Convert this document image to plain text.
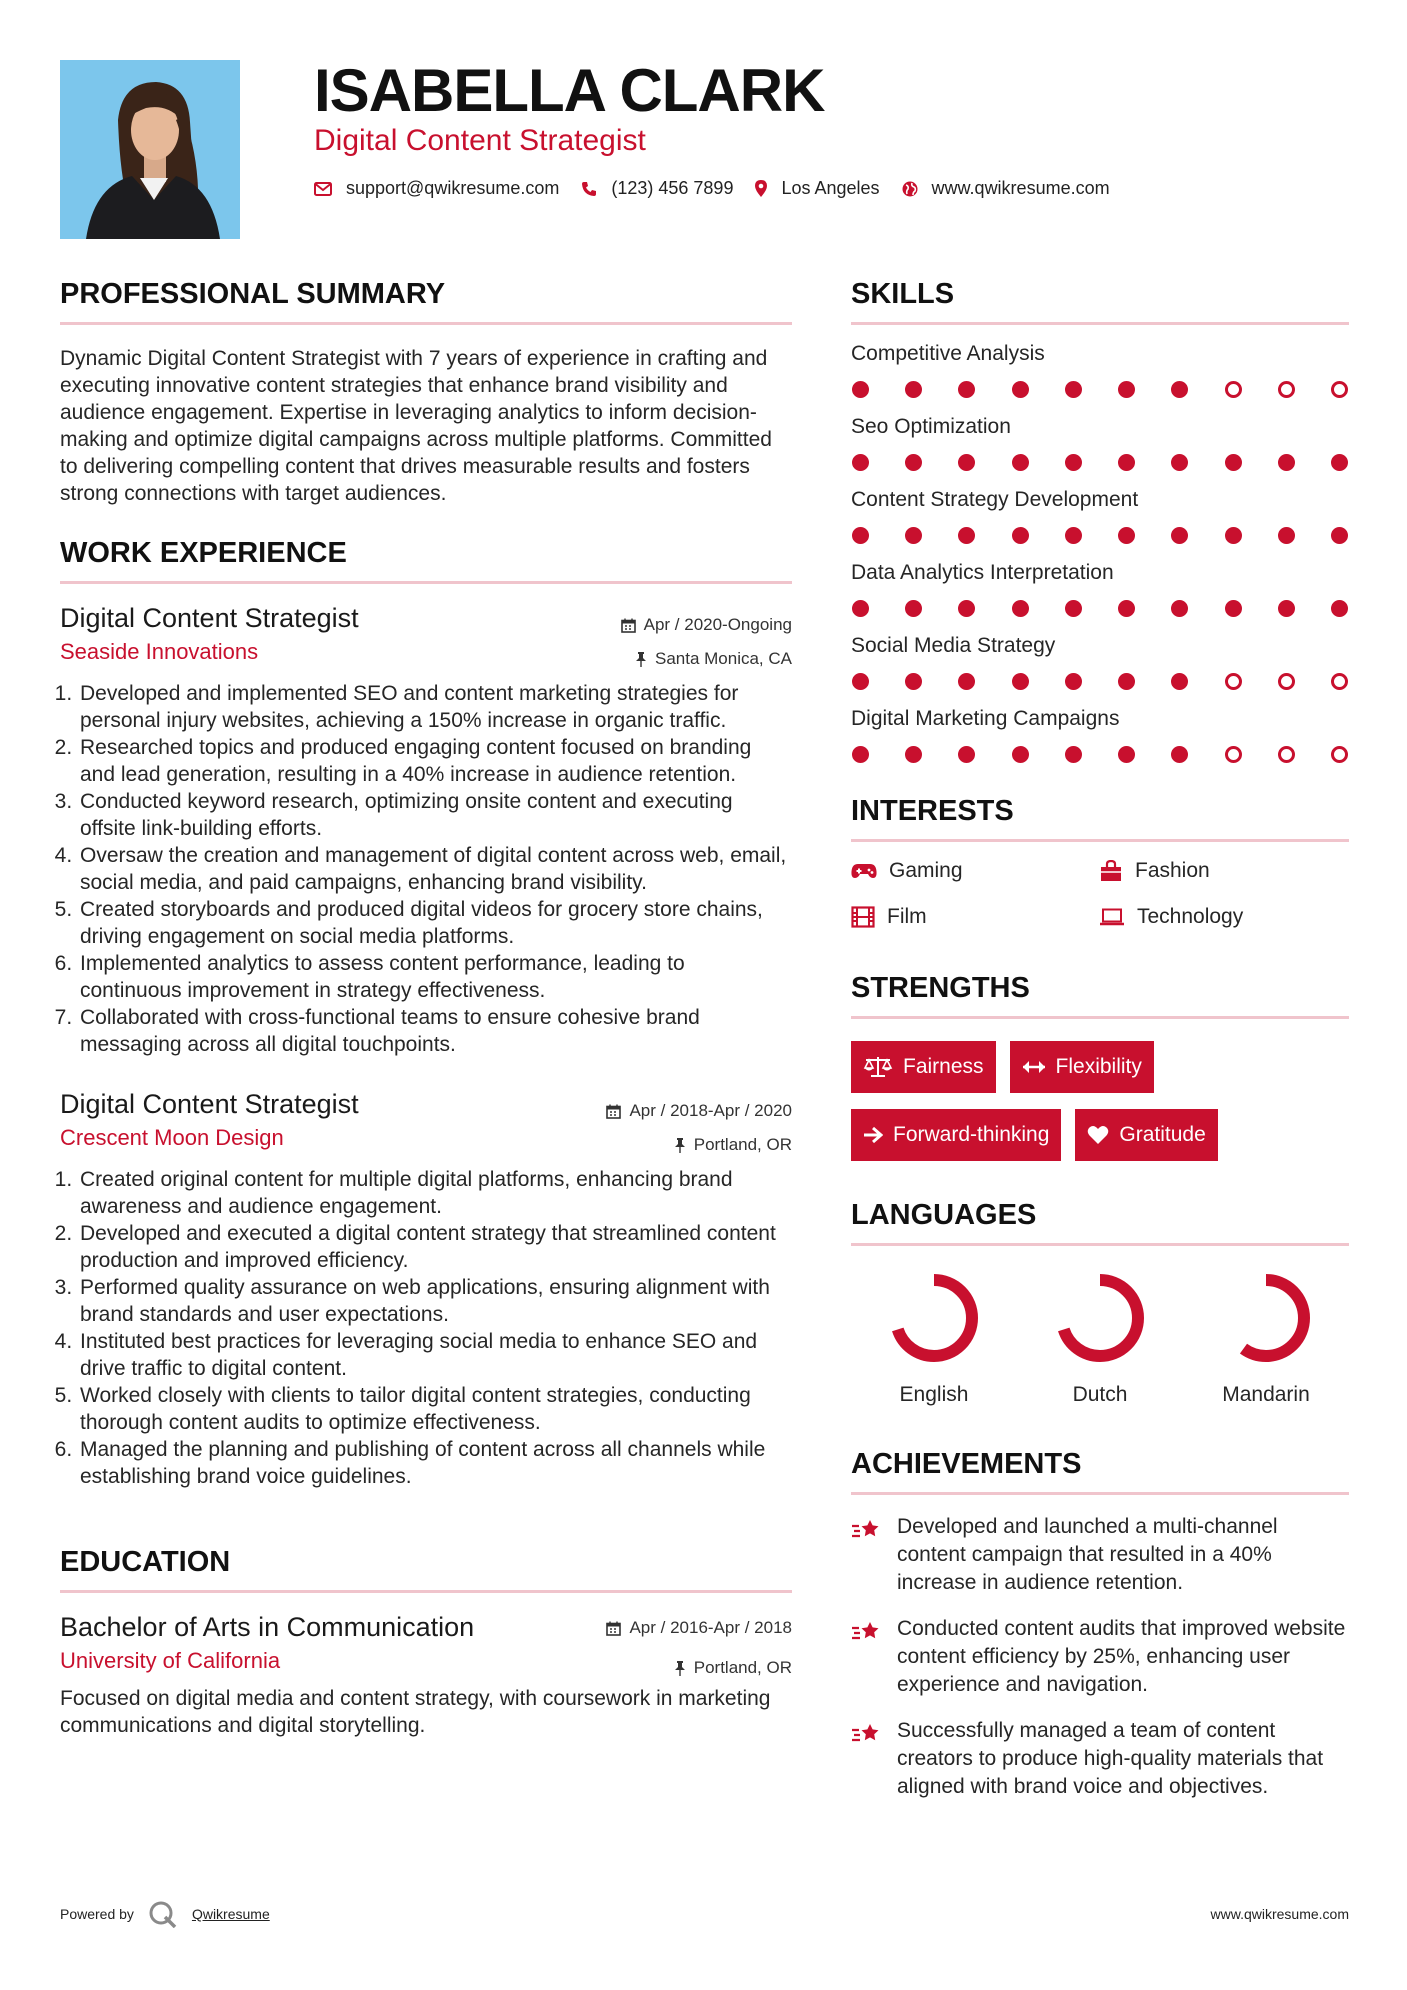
ISABELLA CLARK
Digital Content Strategist
support@qwikresume.com	(123) 456 7899	Los Angeles	www.qwikresume.com
PROFESSIONAL SUMMARY

Dynamic Digital Content Strategist with 7 years of experience in crafting and executing innovative content strategies that enhance brand visibility and audience engagement. Expertise in leveraging analytics to inform decision-making and optimize digital campaigns across multiple platforms. Committed to delivering compelling content that drives measurable results and fosters strong connections with target audiences.

WORK EXPERIENCE
Digital Content Strategist
Seaside Innovations
Apr / 2020-Ongoing
Santa Monica, CA
1. Developed and implemented SEO and content marketing strategies for personal injury websites, achieving a 150% increase in organic traffic.
2. Researched topics and produced engaging content focused on branding and lead generation, resulting in a 40% increase in audience retention.
3. Conducted keyword research, optimizing onsite content and executing offsite link-building efforts.
4. Oversaw the creation and management of digital content across web, email, social media, and paid campaigns, enhancing brand visibility.
5. Created storyboards and produced digital videos for grocery store chains, driving engagement on social media platforms.
6. Implemented analytics to assess content performance, leading to continuous improvement in strategy effectiveness.
7. Collaborated with cross-functional teams to ensure cohesive brand messaging across all digital touchpoints.
Digital Content Strategist
Crescent Moon Design
Apr / 2018-Apr / 2020
Portland, OR
1. Created original content for multiple digital platforms, enhancing brand awareness and audience engagement.
2. Developed and executed a digital content strategy that streamlined content production and improved efficiency.
3. Performed quality assurance on web applications, ensuring alignment with brand standards and user expectations.
4. Instituted best practices for leveraging social media to enhance SEO and drive traffic to digital content.
5. Worked closely with clients to tailor digital content strategies, conducting thorough content audits to optimize effectiveness.
6. Managed the planning and publishing of content across all channels while establishing brand voice guidelines.
EDUCATION
Bachelor of Arts in Communication
University of California
Apr / 2016-Apr / 2018
Portland, OR

Focused on digital media and content strategy, with coursework in marketing communications and digital storytelling.

SKILLS
Competitive Analysis
Seo Optimization
Content Strategy Development
Data Analytics Interpretation
Social Media Strategy
Digital Marketing Campaigns
INTERESTS
Gaming	Fashion
Film	Technology
STRENGTHS
Fairness	Flexibility
Forward-thinking	Gratitude
LANGUAGES
English	Dutch	Mandarin
ACHIEVEMENTS
Developed and launched a multi-channel content campaign that resulted in a 40% increase in audience retention.
Conducted content audits that improved website content efficiency by 25%, enhancing user experience and navigation.
Successfully managed a team of content creators to produce high-quality materials that aligned with brand voice and objectives.
Powered by	Qwikresume	www.qwikresume.com
